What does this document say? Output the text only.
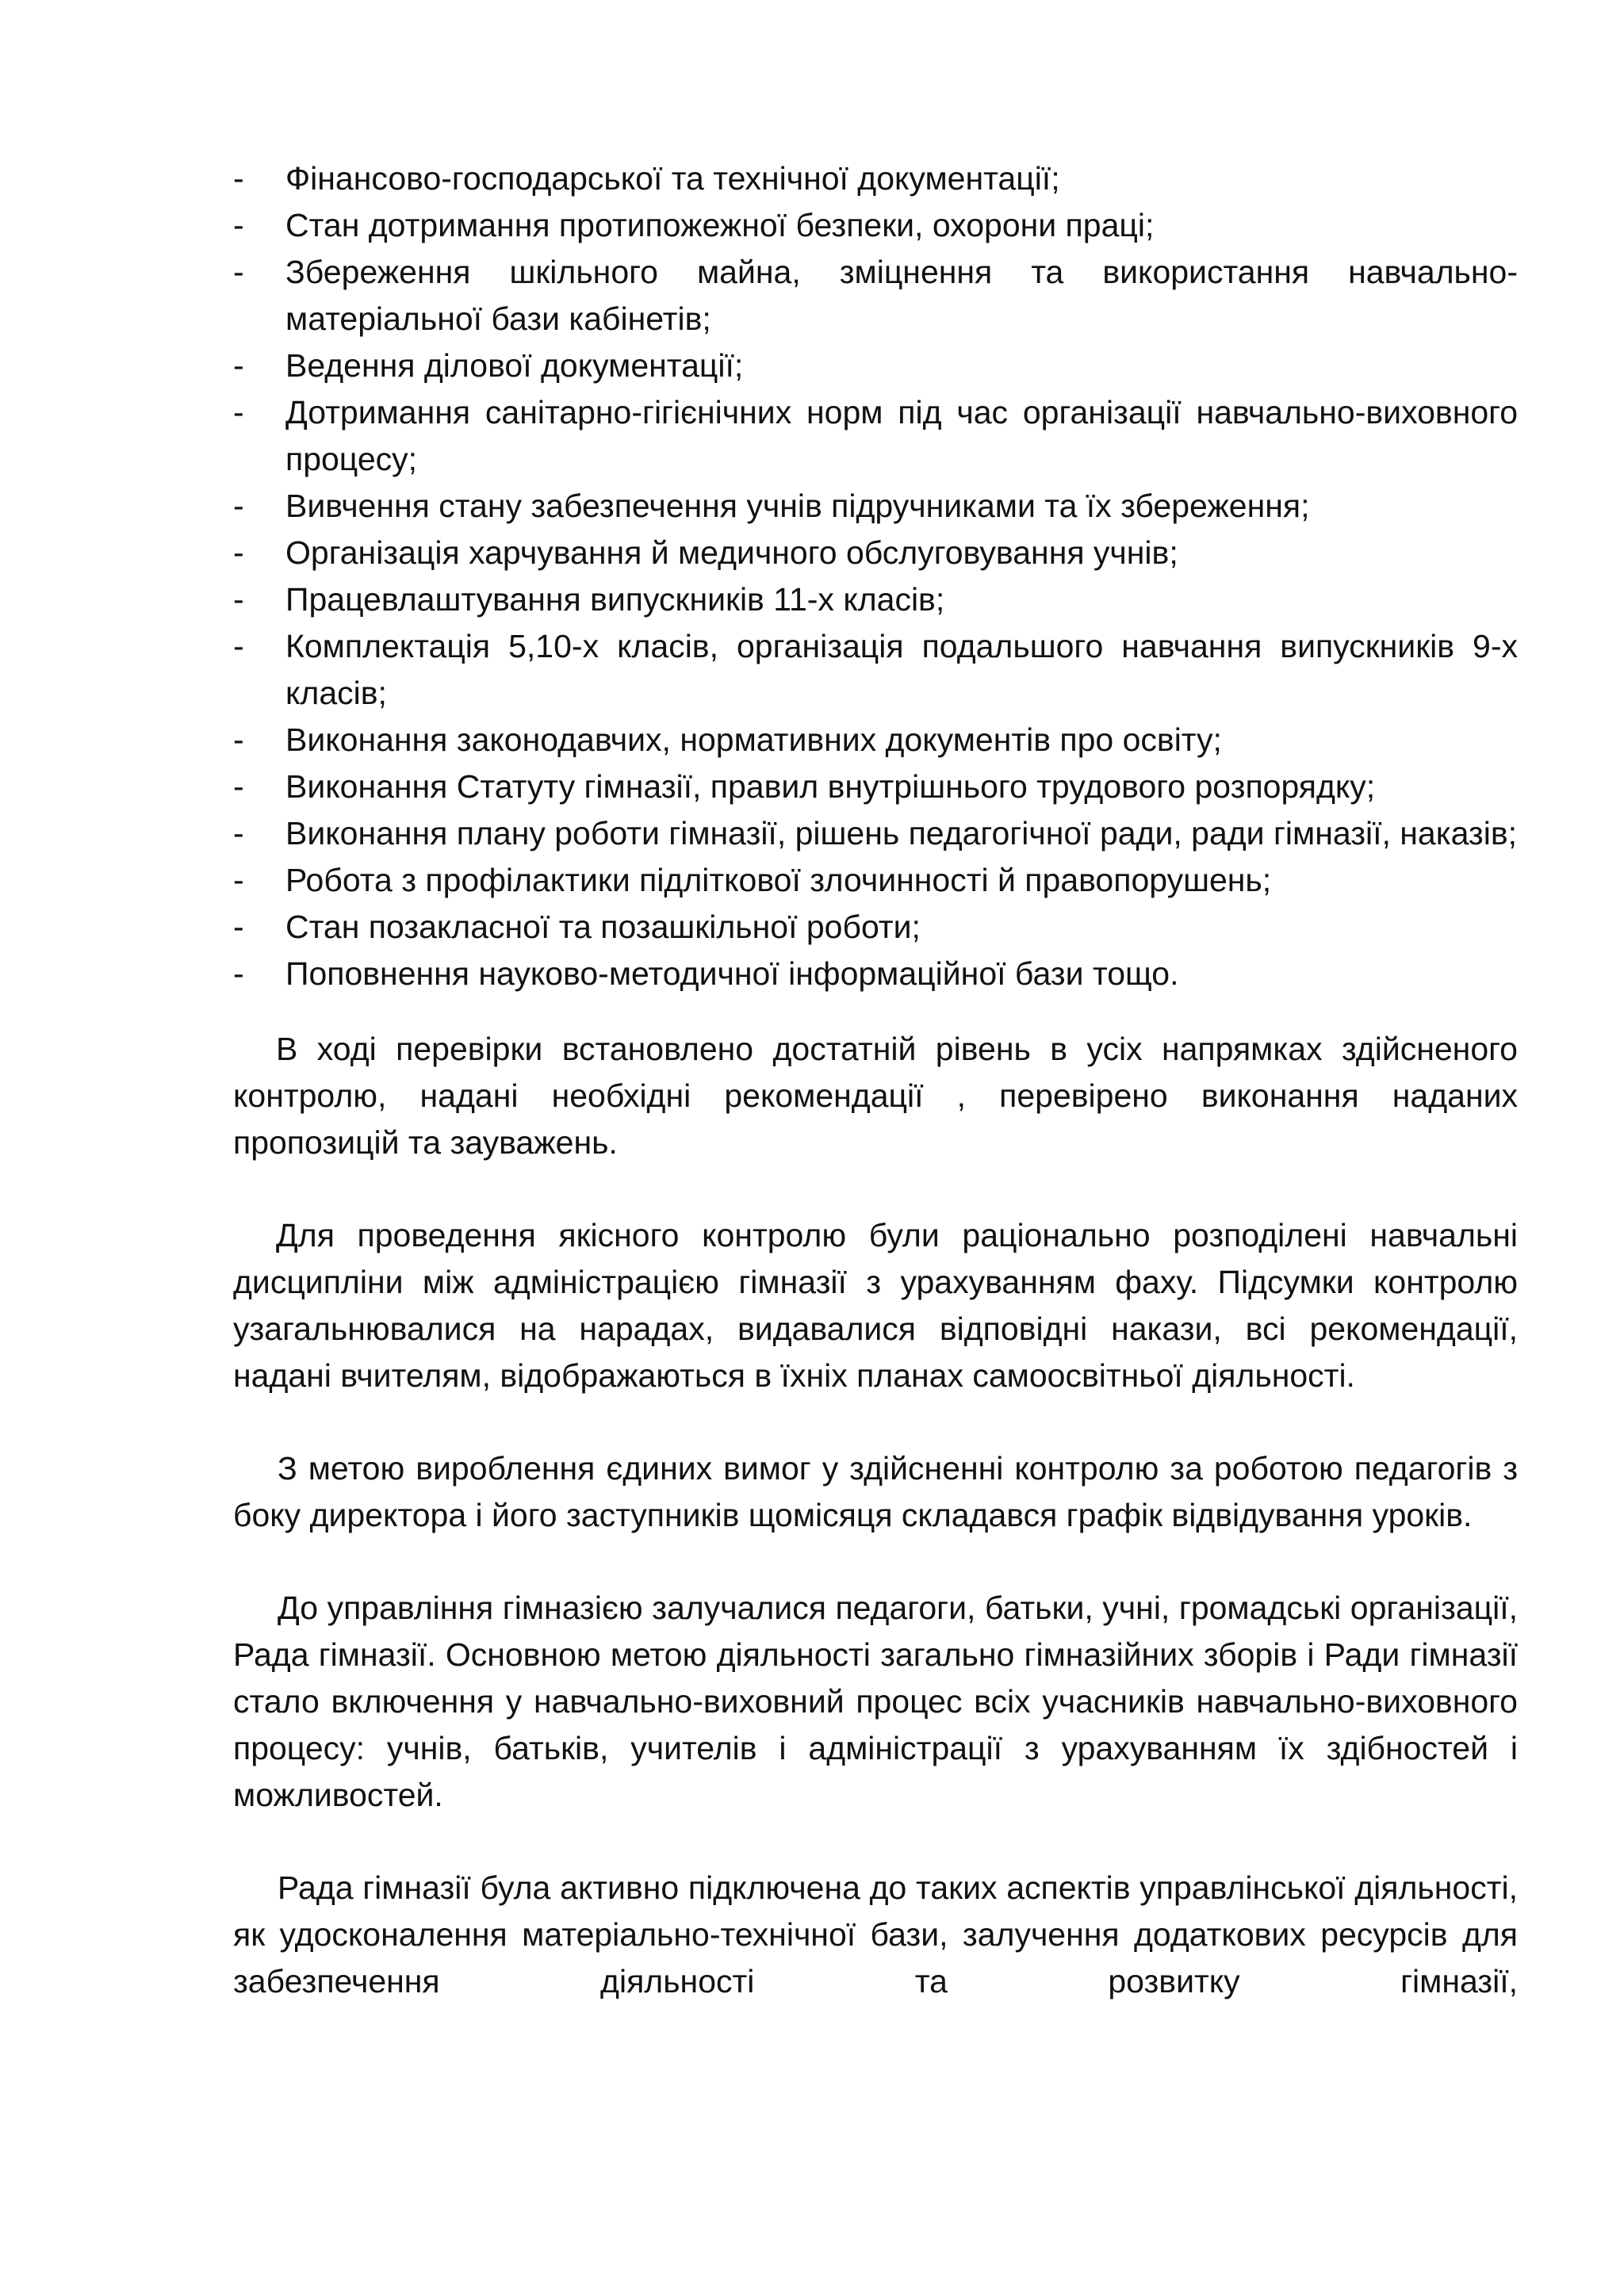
-	Фінансово-господарської та технічної документації;
-	Стан дотримання протипожежної безпеки, охорони праці;
-	Збереження шкільного майна, зміцнення та використання навчально-матеріальної бази кабінетів;
-	Ведення ділової документації;
-	Дотримання санітарно-гігієнічних норм під час організації навчально-виховного процесу;
-	Вивчення стану забезпечення учнів підручниками та їх збереження;
-	Організація харчування й медичного обслуговування учнів;
-	Працевлаштування випускників 11-х класів;
-	Комплектація 5,10-х класів, організація подальшого навчання випускників 9-х класів;
-	Виконання законодавчих, нормативних документів про освіту;
-	Виконання Статуту гімназії, правил внутрішнього трудового розпорядку;
-	Виконання плану роботи гімназії, рішень педагогічної ради, ради гімназії, наказів;
-	Робота з профілактики підліткової злочинності й правопорушень;
-	Стан позакласної та позашкільної роботи;
-	Поповнення науково-методичної інформаційної бази тощо.

В ході перевірки встановлено достатній рівень в усіх напрямках здійсненого контролю, надані необхідні рекомендації , перевірено виконання наданих пропозицій та зауважень.

Для проведення якісного контролю були раціонально розподілені навчальні дисципліни між адміністрацією гімназії з урахуванням фаху. Підсумки контролю узагальнювалися на нарадах, видавалися відповідні накази, всі рекомендації, надані вчителям, відображаються в їхніх планах самоосвітньої діяльності.

З метою вироблення єдиних вимог у здійсненні контролю за роботою педагогів з боку директора і його заступників щомісяця складався графік відвідування уроків.

До управління гімназією залучалися педагоги, батьки, учні, громадські організації, Рада гімназії. Основною метою діяльності загально гімназійних зборів і Ради гімназії стало включення у навчально-виховний процес всіх учасників навчально-виховного процесу: учнів, батьків, учителів і адміністрації з урахуванням їх здібностей і можливостей.

Рада гімназії була активно підключена до таких аспектів управлінської діяльності, як удосконалення матеріально-технічної бази, залучення додаткових ресурсів для забезпечення діяльності та розвитку гімназії,
